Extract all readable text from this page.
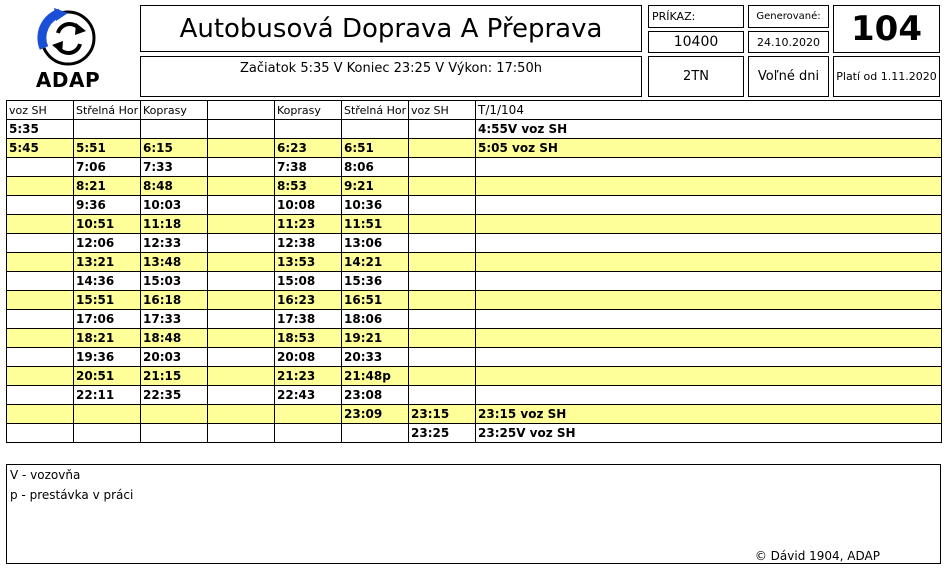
ADAP
Autobusová Doprava A Přeprava
Začiatok 5:35 V Koniec 23:25 V Výkon: 17:50h
PRÍKAZ:
10400
Generované:
24.10.2020 104
2TN	Voľné dni	Platí od 1.11.2020
voz SH	Střelná Hor	Koprasy		Koprasy	Střelná Hor	voz SH	T/1/104
5:35							4:55V voz SH
5:45	5:51	6:15		6:23	6:51		5:05 voz SH
	7:06	7:33		7:38	8:06		
	8:21	8:48		8:53	9:21		
	9:36	10:03		10:08	10:36		
	10:51	11:18		11:23	11:51		
	12:06	12:33		12:38	13:06		
	13:21	13:48		13:53	14:21		
	14:36	15:03		15:08	15:36		
	15:51	16:18		16:23	16:51		
	17:06	17:33		17:38	18:06		
	18:21	18:48		18:53	19:21		
	19:36	20:03		20:08	20:33		
	20:51	21:15		21:23	21:48p		
	22:11	22:35		22:43	23:08		
					23:09	23:15	23:15 voz SH
						23:25	23:25V voz SH
V - vozovňa
p - prestávka v práci
© Dávid 1904, ADAP
